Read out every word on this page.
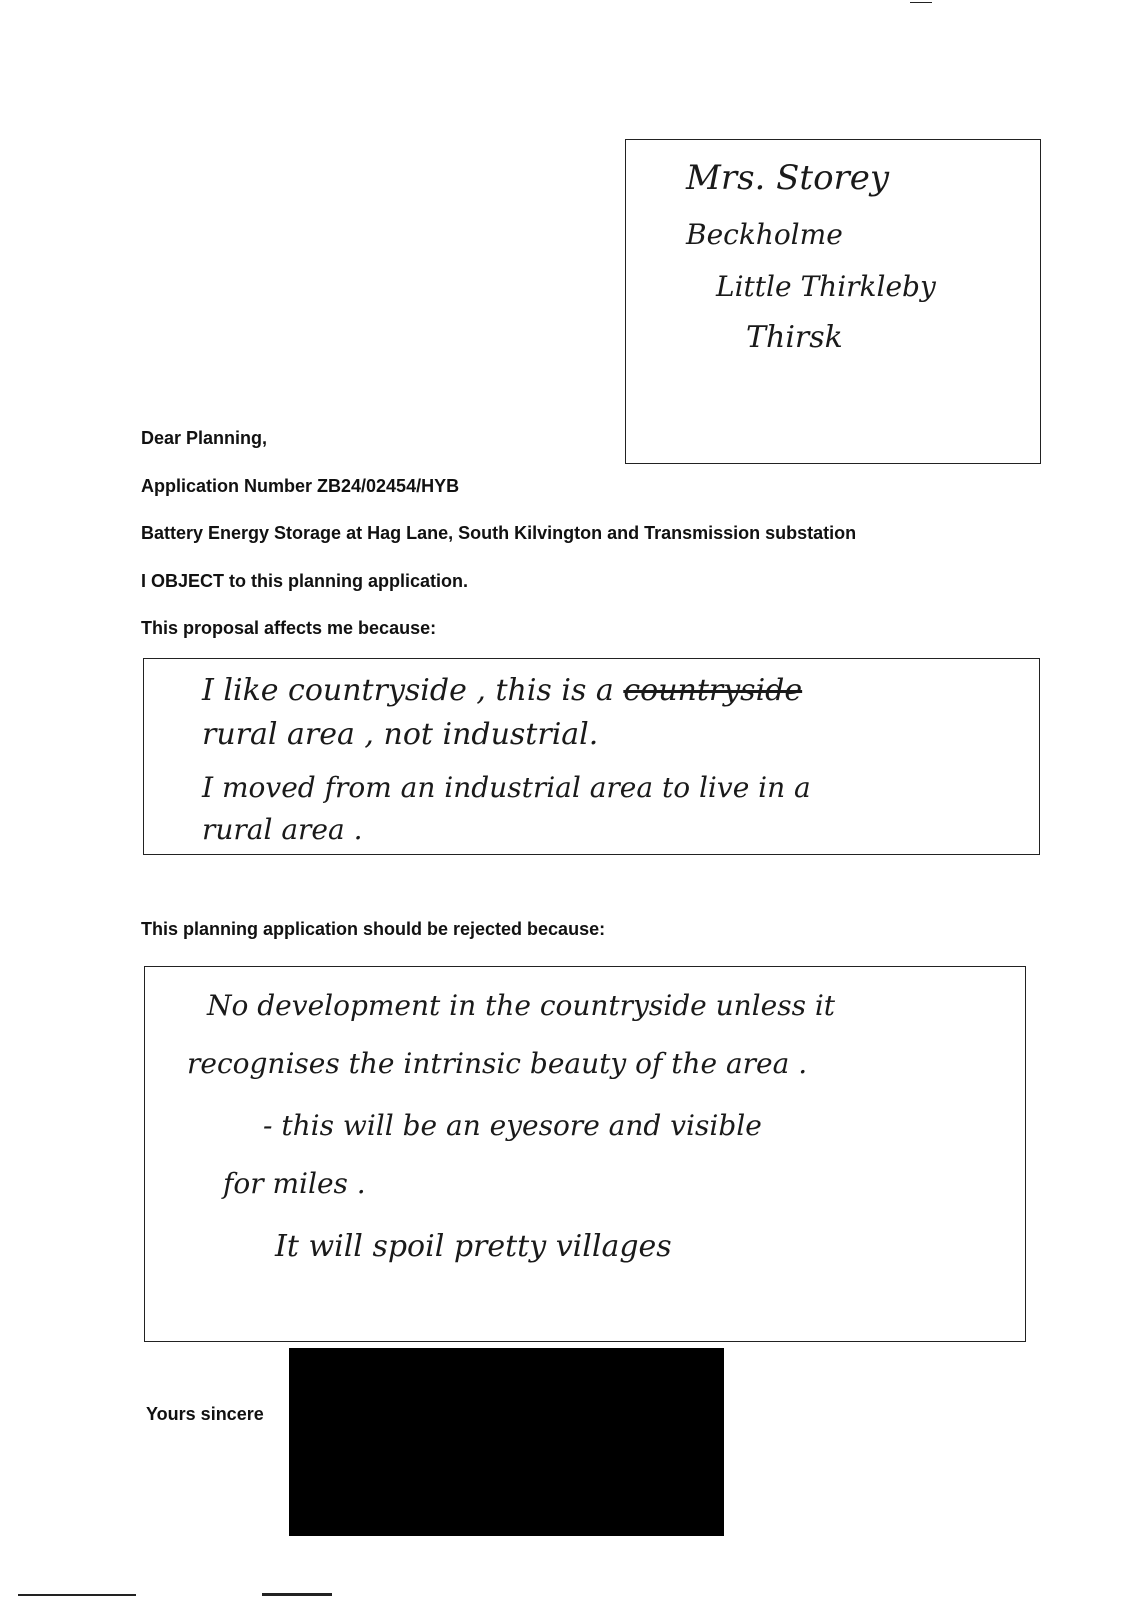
Mrs. Storey
Beckholme
Little Thirkleby
Thirsk
Dear Planning,
Application Number ZB24/02454/HYB
Battery Energy Storage at Hag Lane, South Kilvington and Transmission substation
I OBJECT to this planning application.
This proposal affects me because:
I like countryside , this is a countryside
rural area , not industrial.
I moved from an industrial area to live in a
rural area .
This planning application should be rejected because:
No development in the countryside unless it
recognises the intrinsic beauty of the area .
- this will be an eyesore and visible
for miles .
It will spoil pretty villages
Yours sincere
